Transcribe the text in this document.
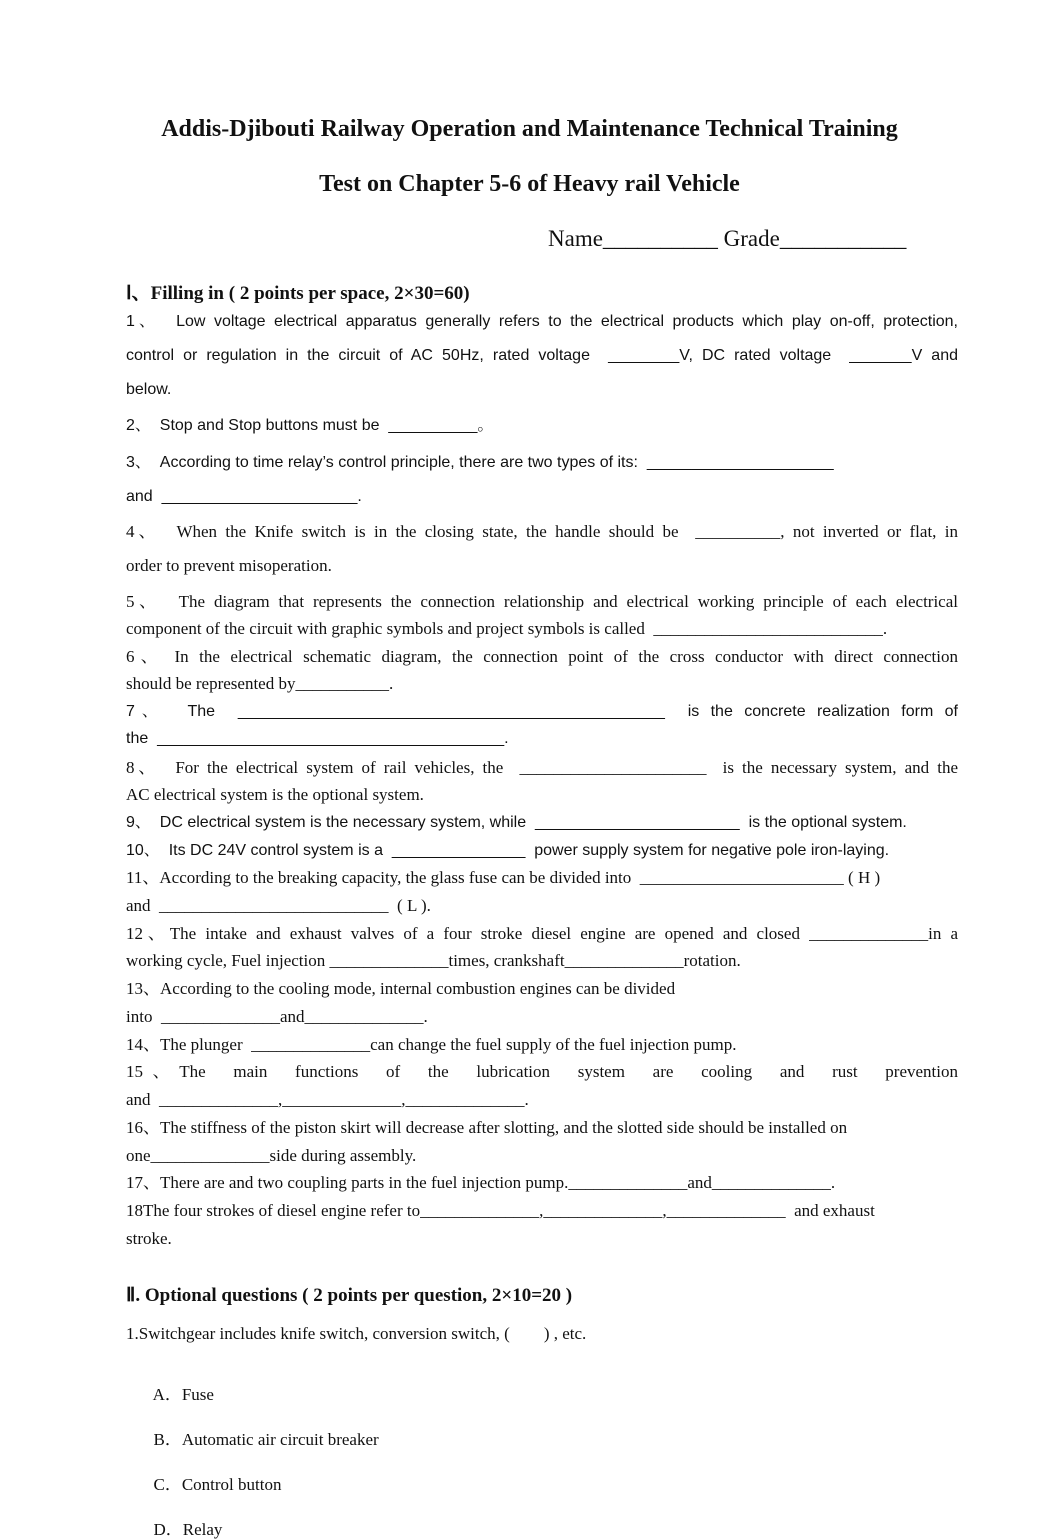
Addis-Djibouti Railway Operation and Maintenance Technical Training
Test on Chapter 5-6 of Heavy rail Vehicle
Name__________ Grade___________
Ⅰ、Filling in ( 2 points per space, 2×30=60)
1、  Low voltage electrical apparatus generally refers to the electrical products which play on-off, protection,
control or regulation in the circuit of AC 50Hz, rated voltage  ________V, DC rated voltage  _______V and
below.
2、  Stop and Stop buttons must be  __________。
3、  According to time relay’s control principle, there are two types of its:  _____________________
and  ______________________.
4、  When the Knife switch is in the closing state, the handle should be  __________, not inverted or flat, in
order to prevent misoperation.
5、  The diagram that represents the connection relationship and electrical working principle of each electrical
component of the circuit with graphic symbols and project symbols is called  ___________________________.
6、 In the electrical schematic diagram, the connection point of the cross conductor with direct connection
should be represented by___________.
7、  The  ________________________________________________  is the concrete realization form of
the  _______________________________________.
8、  For the electrical system of rail vehicles, the  ______________________  is the necessary system, and the
AC electrical system is the optional system.
9、  DC electrical system is the necessary system, while  _______________________  is the optional system.
10、  Its DC 24V control system is a  _______________  power supply system for negative pole iron-laying.
11、According to the breaking capacity, the glass fuse can be divided into  ________________________ ( H )
and  ___________________________  ( L ).
12、The intake and exhaust valves of a four stroke diesel engine are opened and closed ______________in a
working cycle, Fuel injection ______________times, crankshaft______________rotation.
13、According to the cooling mode, internal combustion engines can be divided
into  ______________and______________.
14、The plunger  ______________can change the fuel supply of the fuel injection pump.
15、The  main  functions  of  the  lubrication  system  are  cooling  and  rust  prevention
and  ______________,______________,______________.
16、The stiffness of the piston skirt will decrease after slotting, and the slotted side should be installed on
one______________side during assembly.
17、There are and two coupling parts in the fuel injection pump.______________and______________.
18The four strokes of diesel engine refer to______________,______________,______________  and exhaust
stroke.
Ⅱ. Optional questions ( 2 points per question, 2×10=20 )
1.Switchgear includes knife switch, conversion switch, (        ) , etc.

A．Fuse

B．Automatic air circuit breaker

C．Control button

D．Relay
